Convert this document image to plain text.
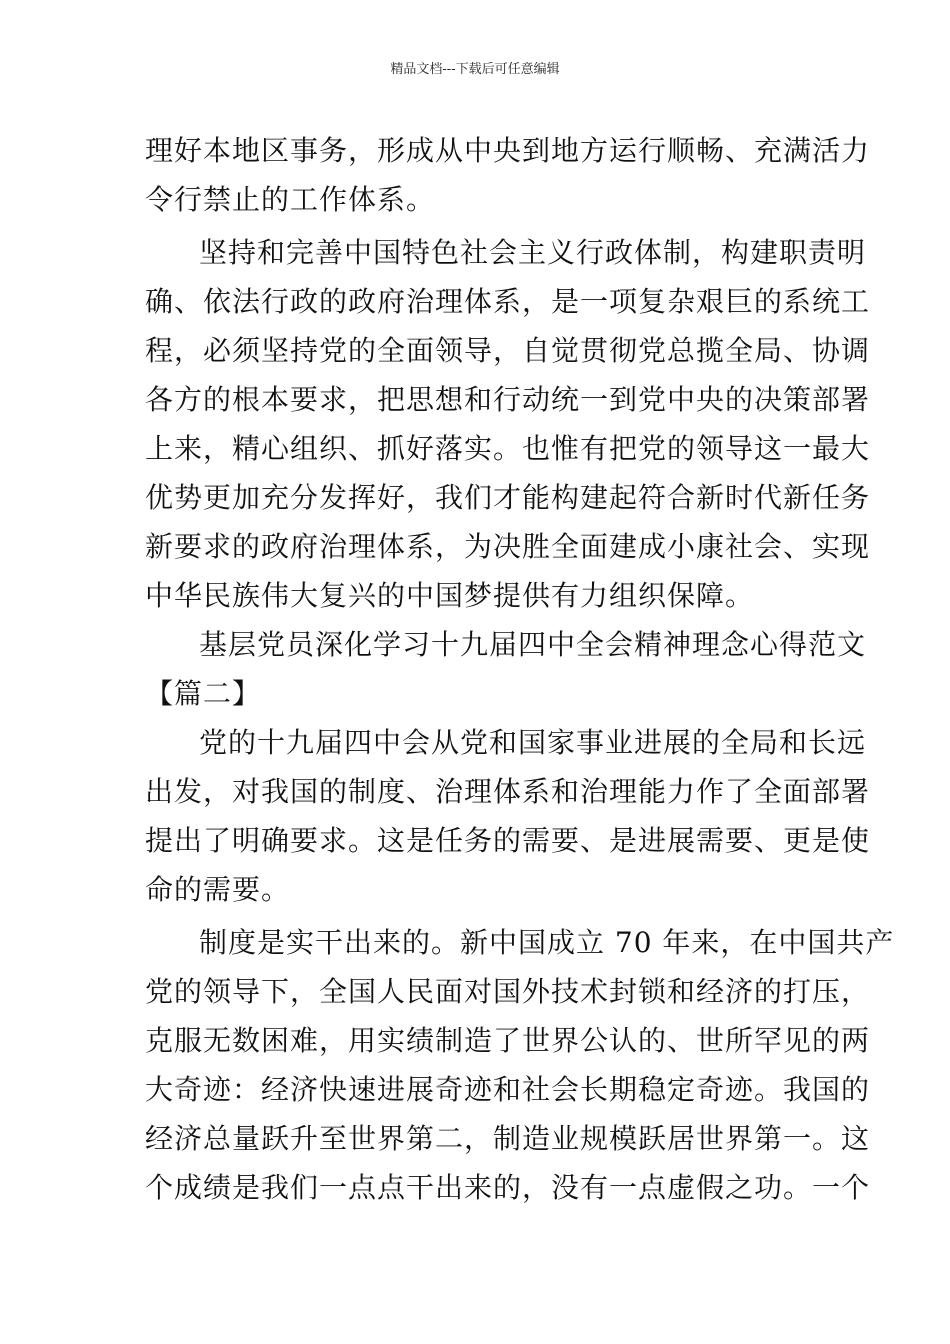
精品文档---下载后可任意编辑
理好本地区事务，形成从中央到地方运行顺畅、充满活力
令行禁止的工作体系。
坚持和完善中国特色社会主义行政体制，构建职责明
确、依法行政的政府治理体系，是一项复杂艰巨的系统工
程，必须坚持党的全面领导，自觉贯彻党总揽全局、协调
各方的根本要求，把思想和行动统一到党中央的决策部署
上来，精心组织、抓好落实。也惟有把党的领导这一最大
优势更加充分发挥好，我们才能构建起符合新时代新任务
新要求的政府治理体系，为决胜全面建成小康社会、实现
中华民族伟大复兴的中国梦提供有力组织保障。
基层党员深化学习十九届四中全会精神理念心得范文
【篇二】
党的十九届四中会从党和国家事业进展的全局和长远
出发，对我国的制度、治理体系和治理能力作了全面部署
提出了明确要求。这是任务的需要、是进展需要、更是使
命的需要。
制度是实干出来的。新中国成立 70 年来，在中国共产
党的领导下，全国人民面对国外技术封锁和经济的打压，
克服无数困难，用实绩制造了世界公认的、世所罕见的两
大奇迹：经济快速进展奇迹和社会长期稳定奇迹。我国的
经济总量跃升至世界第二，制造业规模跃居世界第一。这
个成绩是我们一点点干出来的，没有一点虚假之功。一个
